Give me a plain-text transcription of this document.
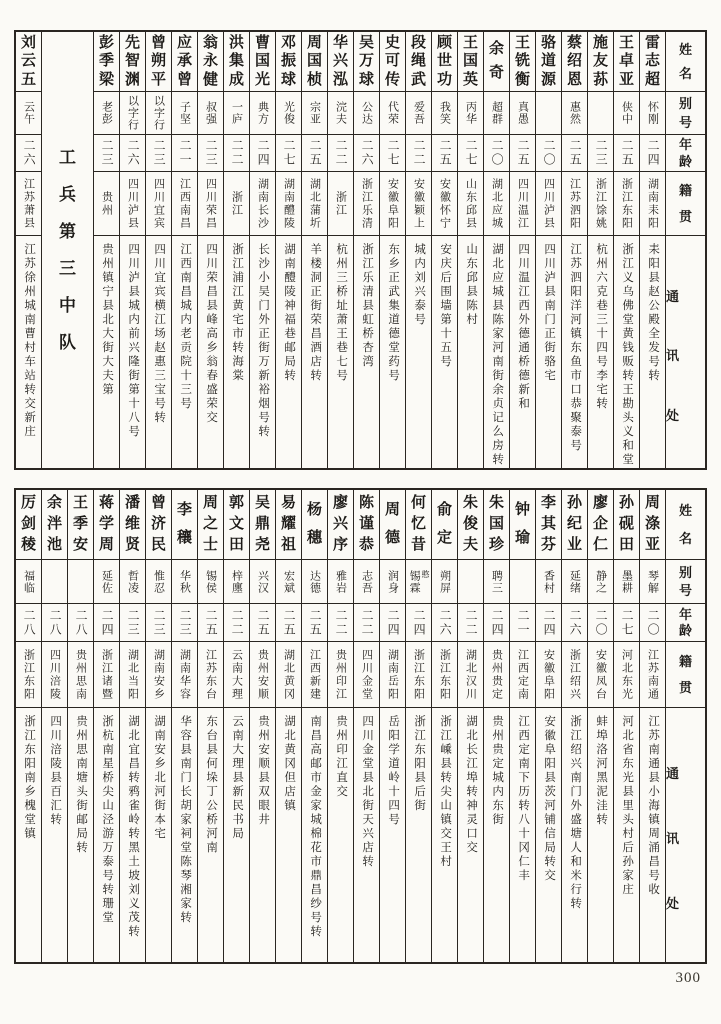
姓
名
别
号
年
龄
籍
贯
通
讯
处
雷
志
超
怀刚
二四
湖南耒阳
耒阳县赵公殿全发号转
王
卓
亚
侠中
二五
浙江东阳
浙江义乌佛堂黄钱贩转王勘头义和堂
施
友
荪
二三
浙江馀姚
杭州六克巷三十四号李宅转
蔡
绍
恩
惠然
二五
江苏泗阳
江苏泗阳洋河镇东鱼市口恭聚泰号
骆
道
源
二〇
四川泸县
四川泸县南门正街骆宅
王
铣
衡
真愚
二五
四川温江
四川温江西外德通桥德新和
余
奇
超群
二〇
湖北应城
湖北应城县陈家河南街余贞记么房转
王
国
英
丙华
二七
山东邱县
山东邱县陈村
顾
世
功
我笑
二五
安徽怀宁
安庆后围墙第十五号
段
绳
武
爱吾
二二
安徽颖上
城内刘兴泰号
史
可
传
代荣
二七
安徽阜阳
东乡正武集道德堂药号
吴
万
球
公达
二六
浙江乐清
浙江乐清县虹桥杏湾
华
兴
泓
浣夫
二二
浙江
杭州三桥址萧王巷七号
周
国
桢
宗亚
二五
湖北蒲圻
羊楼洞正街荣昌酒店转
邓
振
球
光俊
二七
湖南醴陵
湖南醴陵神福巷邮局转
曹
国
光
典方
二四
湖南长沙
长沙小吴门外正街万新裕烟号转
洪
集
成
一庐
二二
浙江
浙江浦江黄宅市转海棠
翁
永
健
叔强
二三
四川荣昌
四川荣昌县峰高乡翁春盛荣交
应
承
曾
子坚
二一
江西南昌
江西南昌城内老贡院十三号
曾
朔
平
以字行
二三
四川宜宾
四川宜宾横江场赵惠三宝号转
先
智
渊
以字行
二六
四川泸县
四川泸县城内前兴隆街第十八号
彭
季
梁
老彭
二三
贵州
贵州镇宁县北大街大夫第
工
兵
第
三
中
队
刘
云
五
云午
二六
江苏萧县
江苏徐州城南曹村车站转交新庄
姓
名
别
号
年
龄
籍
贯
通
讯
处
周
涤
亚
琴解
二〇
江苏南通
江苏南通县小海镇周涌昌号收
孙
砚
田
墨耕
二七
河北东光
河北省东光县里头村后孙家庄
廖
企
仁
静之
二〇
安徽凤台
蚌埠洛河黑泥洼转
孙
纪
业
延绪
二六
浙江绍兴
浙江绍兴南门外盛塘人和米行转
李
其
芬
香村
二四
安徽阜阳
安徽阜阳县茨河铺信局转交
钟
瑜
二一
江西定南
江西定南下历转八十冈仁丰
朱
国
珍
聘三
二四
贵州贵定
贵州贵定城内东街
朱
俊
夫
二二
湖北汉川
湖北长江埠转神灵口交
俞
定
朔屏
二六
浙江东阳
浙江嵊县转尖山镇交王村
何
忆
昔
憨
锡霖
二四
浙江东阳
浙江东阳县后街
周
德
润身
二四
湖南岳阳
岳阳学道岭十四号
陈
谨
恭
志吾
二二
四川金堂
四川金堂县北街天兴店转
廖
兴
序
雅岩
二二
贵州印江
贵州印江直交
杨
穗
达德
二五
江西新建
南昌高邮市金家城棉花市鼎昌纱号转
易
耀
祖
宏斌
二五
湖北黄冈
湖北黄冈但店镇
吴
鼎
尧
兴汉
二五
贵州安顺
贵州安顺县双眼井
郭
文
田
梓廛
二二
云南大理
云南大理县新民书局
周
之
士
锡侯
二五
江苏东台
东台县何垛丁公桥河南
李
穰
华秋
二三
湖南华容
华容县南门长胡家祠堂陈琴湘家转
曾
济
民
惟忍
二三
湖南安乡
湖南安乡北河街本宅
潘
维
贤
哲凌
二三
湖北当阳
湖北宜昌转鸦雀岭转黑土坡刘义茂转
蒋
学
周
延佐
二四
浙江诸暨
浙杭南星桥尖山泾游万泰号转珊堂
王
季
安
二八
贵州思南
贵州思南塘头街邮局转
余
泮
池
二八
四川涪陵
四川涪陵县百汇转
厉
剑
稜
福临
二八
浙江东阳
浙江东阳南乡槐堂镇
300
